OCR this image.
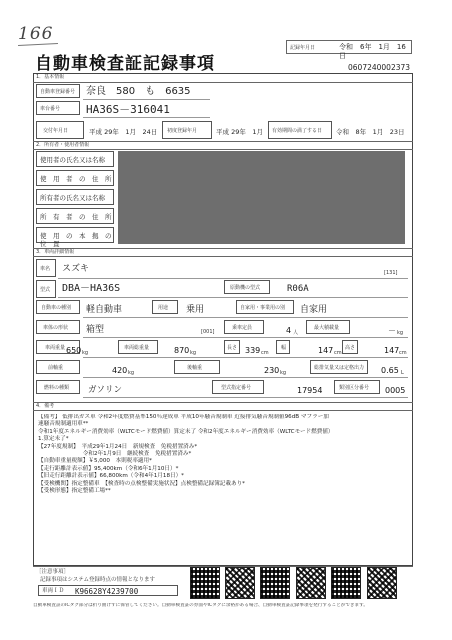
166
記録年月日	令和　6年　1月　16日
自動車検査証記録事項	0607240002373
1．基本情報
自動車登録番号 奈良　580　も　6635
車台番号 HA36S－316041
交付年月日	平成 29年　1月　24日 初度登録年月	平成 29年　1月 有効期間の満了する日 令和　8年　1月　23日
2．所有者・使用者情報
使用者の氏名又は名称
使　用　者　の　住　所
所有者の氏名又は名称
所　有　者　の　住　所
使　用　の　本　拠　の　位　置
3．車両詳細情報
車名 スズキ	[131]
型式 DBA－HA36S	原動機の型式	R06A
自動車の種別 軽自動車	用途 乗用	自家用・事業用の別 自家用
車体の形状 箱型	[001]
乗車定員	4 人
最大積載量	－ kg
車両重量 650 kg
車両総重量	870 kg
長さ 339 cm
幅	147 cm
高さ	147 cm
前軸重	420 kg
後軸重	230 kg
総排気量又は定格出力 0.65 L
燃料の種類 ガソリン	型式指定番号	17954	類別区分番号 0005
4．備考
【備考】 低排出ガス車 令和2年度燃費基準150％達成車 平成10年騒音規制車 近接排気騒音規制値96dB マフラー加
速騒音規制適用車**
令和1年度エネルギー消費効率（WLTCモード燃費値）算定未了 令和2年度エネルギー消費効率（WLTCモード燃費値）
1.算定未了*
【27年度規制】　平成29年1月24日　新規検査　免税措置済み*
　　　　　　　　令和2年1月9日　継続検査　免税措置済み*
【自動車重量税額】￥5,000　本則税率適用*
【走行距離計表示値】95,400km（令和6年1月10日）*
【旧走行距離計表示値】66,800km（令和4年1月18日）*
【受検機関】指定整備車　【検査時の点検整備実施状況】点検整備記録簿記載あり*
【受検形態】指定整備工場**
［注意事項］
記録事項はシステム登録時点の情報となります
車両ＩＤ K96628Y4239700
自動車検査証のICタグ部分は折り曲げずに保管してください。自動車検査証の券面やICタグに余裕がある場合、自動車検査証記録事項を発行することができます。
